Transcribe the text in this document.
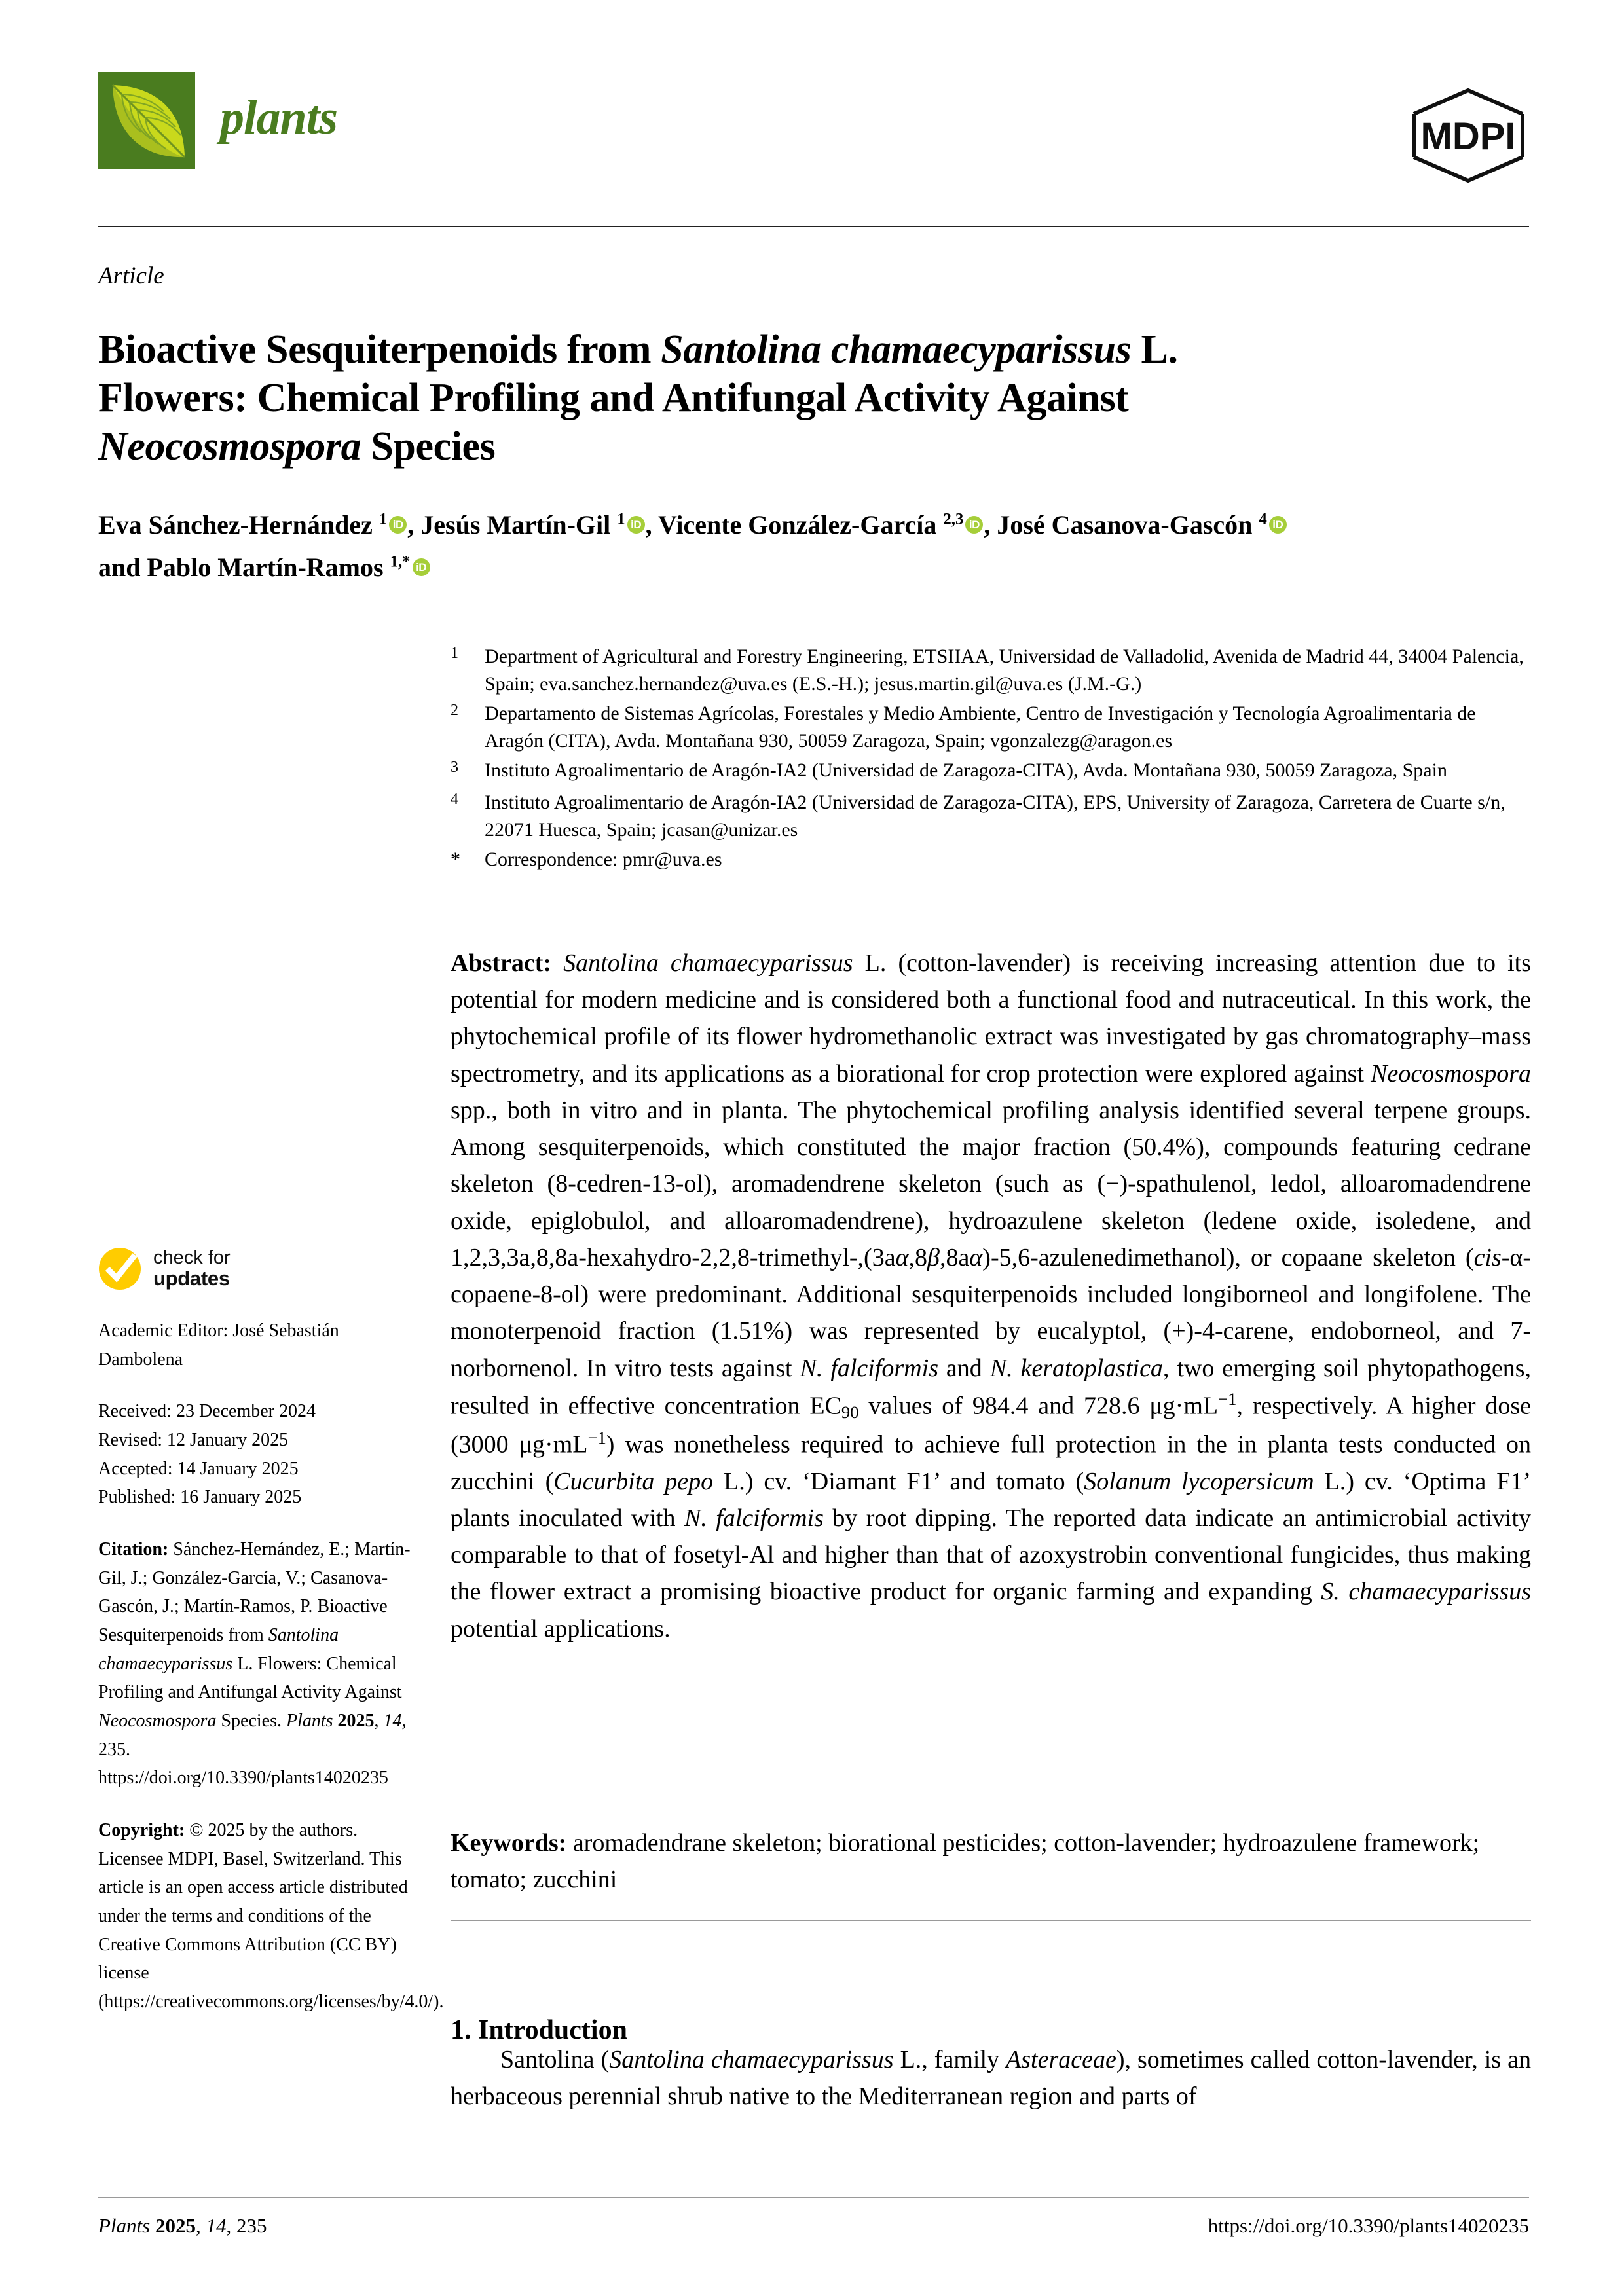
plants	MDPI
Article
Bioactive Sesquiterpenoids from Santolina chamaecyparissus L.
Flowers: Chemical Profiling and Antifungal Activity Against
Neocosmospora Species
Eva Sánchez-Hernández $^1$ iD , Jesús Martín-Gil $^1$ iD , Vicente González-García $^{2,3}$ iD , José Casanova-Gascón $^4$ iD
and Pablo Martín-Ramos $^{1,*}$ iD
$^1$	Department of Agricultural and Forestry Engineering, ETSIIAA, Universidad de Valladolid, Avenida de Madrid 44, 34004 Palencia, Spain; eva.sanchez.hernandez@uva.es (E.S.-H.); jesus.martin.gil@uva.es (J.M.-G.)
$^2$	Departamento de Sistemas Agrícolas, Forestales y Medio Ambiente, Centro de Investigación y Tecnología Agroalimentaria de Aragón (CITA), Avda. Montañana 930, 50059 Zaragoza, Spain; vgonzalezg@aragon.es
$^3$	Instituto Agroalimentario de Aragón-IA2 (Universidad de Zaragoza-CITA), Avda. Montañana 930, 50059 Zaragoza, Spain
$^4$	Instituto Agroalimentario de Aragón-IA2 (Universidad de Zaragoza-CITA), EPS, University of Zaragoza, Carretera de Cuarte s/n, 22071 Huesca, Spain; jcasan@unizar.es
*	Correspondence: pmr@uva.es
check for
updates
Academic Editor: José Sebastián Dambolena
Received: 23 December 2024
Revised: 12 January 2025
Accepted: 14 January 2025
Published: 16 January 2025
Citation: Sánchez-Hernández, E.; Martín-Gil, J.; González-García, V.; Casanova-Gascón, J.; Martín-Ramos, P. Bioactive Sesquiterpenoids from Santolina chamaecyparissus L. Flowers: Chemical Profiling and Antifungal Activity Against Neocosmospora Species. Plants 2025, 14, 235. https://doi.org/10.3390/plants14020235
Copyright: © 2025 by the authors. Licensee MDPI, Basel, Switzerland. This article is an open access article distributed under the terms and conditions of the Creative Commons Attribution (CC BY) license (https://creativecommons.org/licenses/by/4.0/).
Abstract: Santolina chamaecyparissus L. (cotton-lavender) is receiving increasing attention due to its potential for modern medicine and is considered both a functional food and nutraceutical. In this work, the phytochemical profile of its flower hydromethanolic extract was investigated by gas chromatography–mass spectrometry, and its applications as a biorational for crop protection were explored against Neocosmospora spp., both in vitro and in planta. The phytochemical profiling analysis identified several terpene groups. Among sesquiterpenoids, which constituted the major fraction (50.4%), compounds featuring cedrane skeleton (8-cedren-13-ol), aromadendrene skeleton (such as (−)-spathulenol, ledol, alloaromadendrene oxide, epiglobulol, and alloaromadendrene), hydroazulene skeleton (ledene oxide, isoledene, and 1,2,3,3a,8,8a-hexahydro-2,2,8-trimethyl-,(3aα,8β,8aα)-5,6-azulenedimethanol), or copaane skeleton (cis-α-copaene-8-ol) were predominant. Additional sesquiterpenoids included longiborneol and longifolene. The monoterpenoid fraction (1.51%) was represented by eucalyptol, (+)-4-carene, endoborneol, and 7-norbornenol. In vitro tests against N. falciformis and N. keratoplastica, two emerging soil phytopathogens, resulted in effective concentration $EC_{90}$ values of 984.4 and 728.6 $\mu g\cdot mL^{-1}$, respectively. A higher dose (3000 $\mu g\cdot mL^{-1}$) was nonetheless required to achieve full protection in the in planta tests conducted on zucchini (Cucurbita pepo L.) cv. ‘Diamant F1’ and tomato (Solanum lycopersicum L.) cv. ‘Optima F1’ plants inoculated with N. falciformis by root dipping. The reported data indicate an antimicrobial activity comparable to that of fosetyl-Al and higher than that of azoxystrobin conventional fungicides, thus making the flower extract a promising bioactive product for organic farming and expanding S. chamaecyparissus potential applications.
Keywords: aromadendrane skeleton; biorational pesticides; cotton-lavender; hydroazulene framework; tomato; zucchini
1. Introduction
Santolina (Santolina chamaecyparissus L., family Asteraceae), sometimes called cotton-lavender, is an herbaceous perennial shrub native to the Mediterranean region and parts of
Plants 2025, 14, 235	https://doi.org/10.3390/plants14020235
